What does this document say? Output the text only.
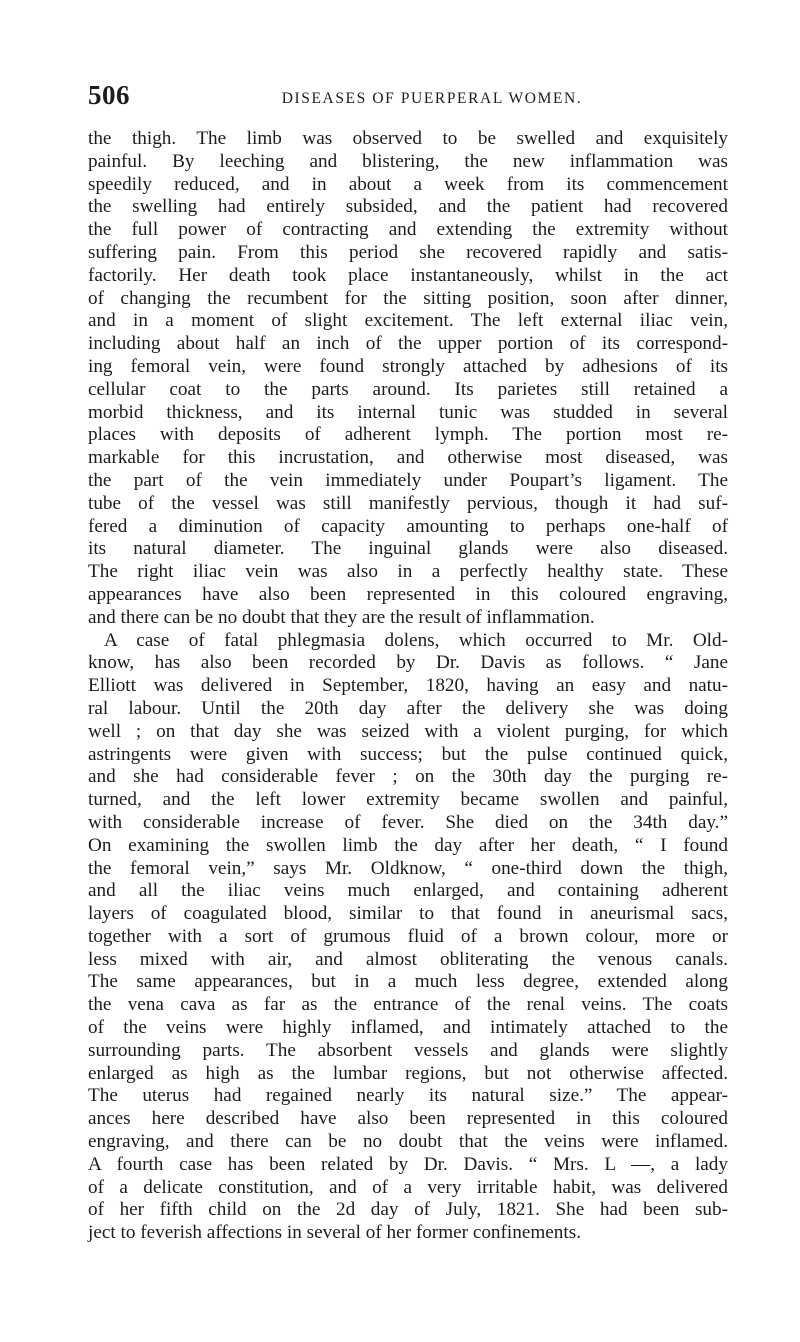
506	DISEASES OF PUERPERAL WOMEN.
the thigh. The limb was observed to be swelled and exquisitely
painful. By leeching and blistering, the new inflammation was
speedily reduced, and in about a week from its commencement
the swelling had entirely subsided, and the patient had recovered
the full power of contracting and extending the extremity without
suffering pain. From this period she recovered rapidly and satis-
factorily. Her death took place instantaneously, whilst in the act
of changing the recumbent for the sitting position, soon after dinner,
and in a moment of slight excitement. The left external iliac vein,
including about half an inch of the upper portion of its correspond-
ing femoral vein, were found strongly attached by adhesions of its
cellular coat to the parts around. Its parietes still retained a
morbid thickness, and its internal tunic was studded in several
places with deposits of adherent lymph. The portion most re-
markable for this incrustation, and otherwise most diseased, was
the part of the vein immediately under Poupart’s ligament. The
tube of the vessel was still manifestly pervious, though it had suf-
fered a diminution of capacity amounting to perhaps one-half of
its natural diameter. The inguinal glands were also diseased.
The right iliac vein was also in a perfectly healthy state. These
appearances have also been represented in this coloured engraving,
and there can be no doubt that they are the result of inflammation.
A case of fatal phlegmasia dolens, which occurred to Mr. Old-
know, has also been recorded by Dr. Davis as follows. “ Jane
Elliott was delivered in September, 1820, having an easy and natu-
ral labour. Until the 20th day after the delivery she was doing
well ; on that day she was seized with a violent purging, for which
astringents were given with success; but the pulse continued quick,
and she had considerable fever ; on the 30th day the purging re-
turned, and the left lower extremity became swollen and painful,
with considerable increase of fever. She died on the 34th day.”
On examining the swollen limb the day after her death, “ I found
the femoral vein,” says Mr. Oldknow, “ one-third down the thigh,
and all the iliac veins much enlarged, and containing adherent
layers of coagulated blood, similar to that found in aneurismal sacs,
together with a sort of grumous fluid of a brown colour, more or
less mixed with air, and almost obliterating the venous canals.
The same appearances, but in a much less degree, extended along
the vena cava as far as the entrance of the renal veins. The coats
of the veins were highly inflamed, and intimately attached to the
surrounding parts. The absorbent vessels and glands were slightly
enlarged as high as the lumbar regions, but not otherwise affected.
The uterus had regained nearly its natural size.” The appear-
ances here described have also been represented in this coloured
engraving, and there can be no doubt that the veins were inflamed.
A fourth case has been related by Dr. Davis. “ Mrs. L —, a lady
of a delicate constitution, and of a very irritable habit, was delivered
of her fifth child on the 2d day of July, 1821. She had been sub-
ject to feverish affections in several of her former confinements.
